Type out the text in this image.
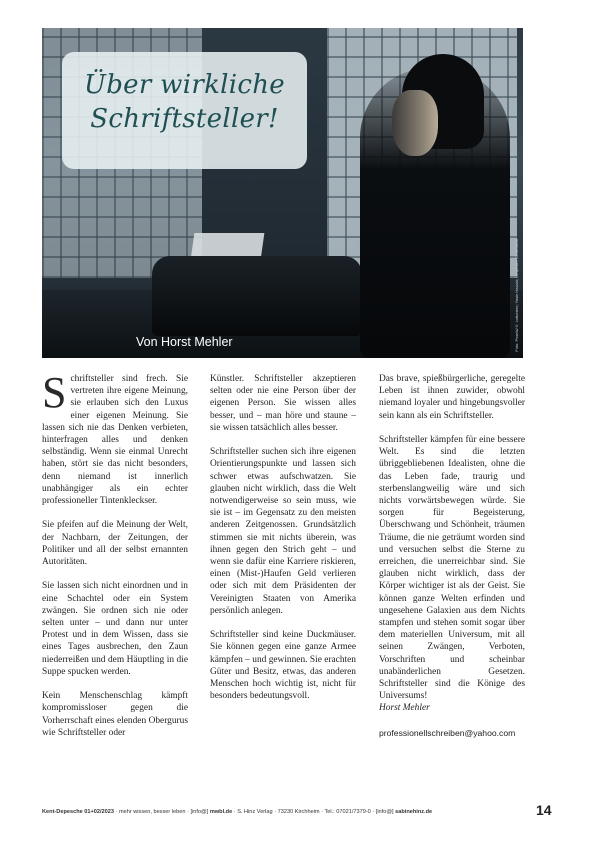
Über wirkliche
Schriftsteller!
Von Horst Mehler	Foto: Pexels/© cottonbro; Yasin Hasani; Unsplash; CC0/iStock

Schriftsteller sind frech. Sie vertreten ihre eigene Meinung, sie erlauben sich den Luxus einer eigenen Meinung. Sie lassen sich nie das Denken verbieten, hinterfragen alles und denken selbständig. Wenn sie einmal Unrecht haben, stört sie das nicht besonders, denn niemand ist innerlich unabhängiger als ein echter professioneller Tintenkleckser.

Sie pfeifen auf die Meinung der Welt, der Nachbarn, der Zeitungen, der Politiker und all der selbst ernannten Autoritäten.

Sie lassen sich nicht einordnen und in eine Schachtel oder ein System zwängen. Sie ordnen sich nie oder selten unter – und dann nur unter Protest und in dem Wissen, dass sie eines Tages ausbrechen, den Zaun niederreißen und dem Häuptling in die Suppe spucken werden.

Kein Menschenschlag kämpft kompromissloser gegen die Vorherrschaft eines elenden Obergurus wie Schriftsteller oder

Künstler. Schriftsteller akzeptieren selten oder nie eine Person über der eigenen Person. Sie wissen alles besser, und – man höre und staune – sie wissen tatsächlich alles besser.

Schriftsteller suchen sich ihre eigenen Orientierungspunkte und lassen sich schwer etwas aufschwatzen. Sie glauben nicht wirklich, dass die Welt notwendigerweise so sein muss, wie sie ist – im Gegensatz zu den meisten anderen Zeitgenossen. Grundsätzlich stimmen sie mit nichts überein, was ihnen gegen den Strich geht – und wenn sie dafür eine Karriere riskieren, einen (Mist-)Haufen Geld verlieren oder sich mit dem Präsidenten der Vereinigten Staaten von Amerika persönlich anlegen.

Schriftsteller sind keine Duckmäuser. Sie können gegen eine ganze Armee kämpfen – und gewinnen. Sie erachten Güter und Besitz, etwas, das anderen Menschen hoch wichtig ist, nicht für besonders bedeutungsvoll.

Das brave, spießbürgerliche, geregelte Leben ist ihnen zuwider, obwohl niemand loyaler und hingebungsvoller sein kann als ein Schriftsteller.

Schriftsteller kämpfen für eine bessere Welt. Es sind die letzten übriggebliebenen Idealisten, ohne die das Leben fade, traurig und sterbenslangweilig wäre und sich nichts vorwärtsbewegen würde. Sie sorgen für Begeisterung, Überschwang und Schönheit, träumen Träume, die nie geträumt worden sind und versuchen selbst die Sterne zu erreichen, die unerreichbar sind. Sie glauben nicht wirklich, dass der Körper wichtiger ist als der Geist. Sie können ganze Welten erfinden und ungesehene Galaxien aus dem Nichts stampfen und stehen somit sogar über dem materiellen Universum, mit all seinen Zwängen, Verboten, Vorschriften und scheinbar unabänderlichen Gesetzen. Schriftsteller sind die Könige des Universums!

Horst Mehler

professionellschreiben@yahoo.com

Kent-Depesche 01+02/2023 · mehr wissen, besser leben · [info@] mwbl.de · S. Hinz Verlag · 73230 Kirchheim · Tel.: 07021/7379-0 · [info@] sabinehinz.de	14
